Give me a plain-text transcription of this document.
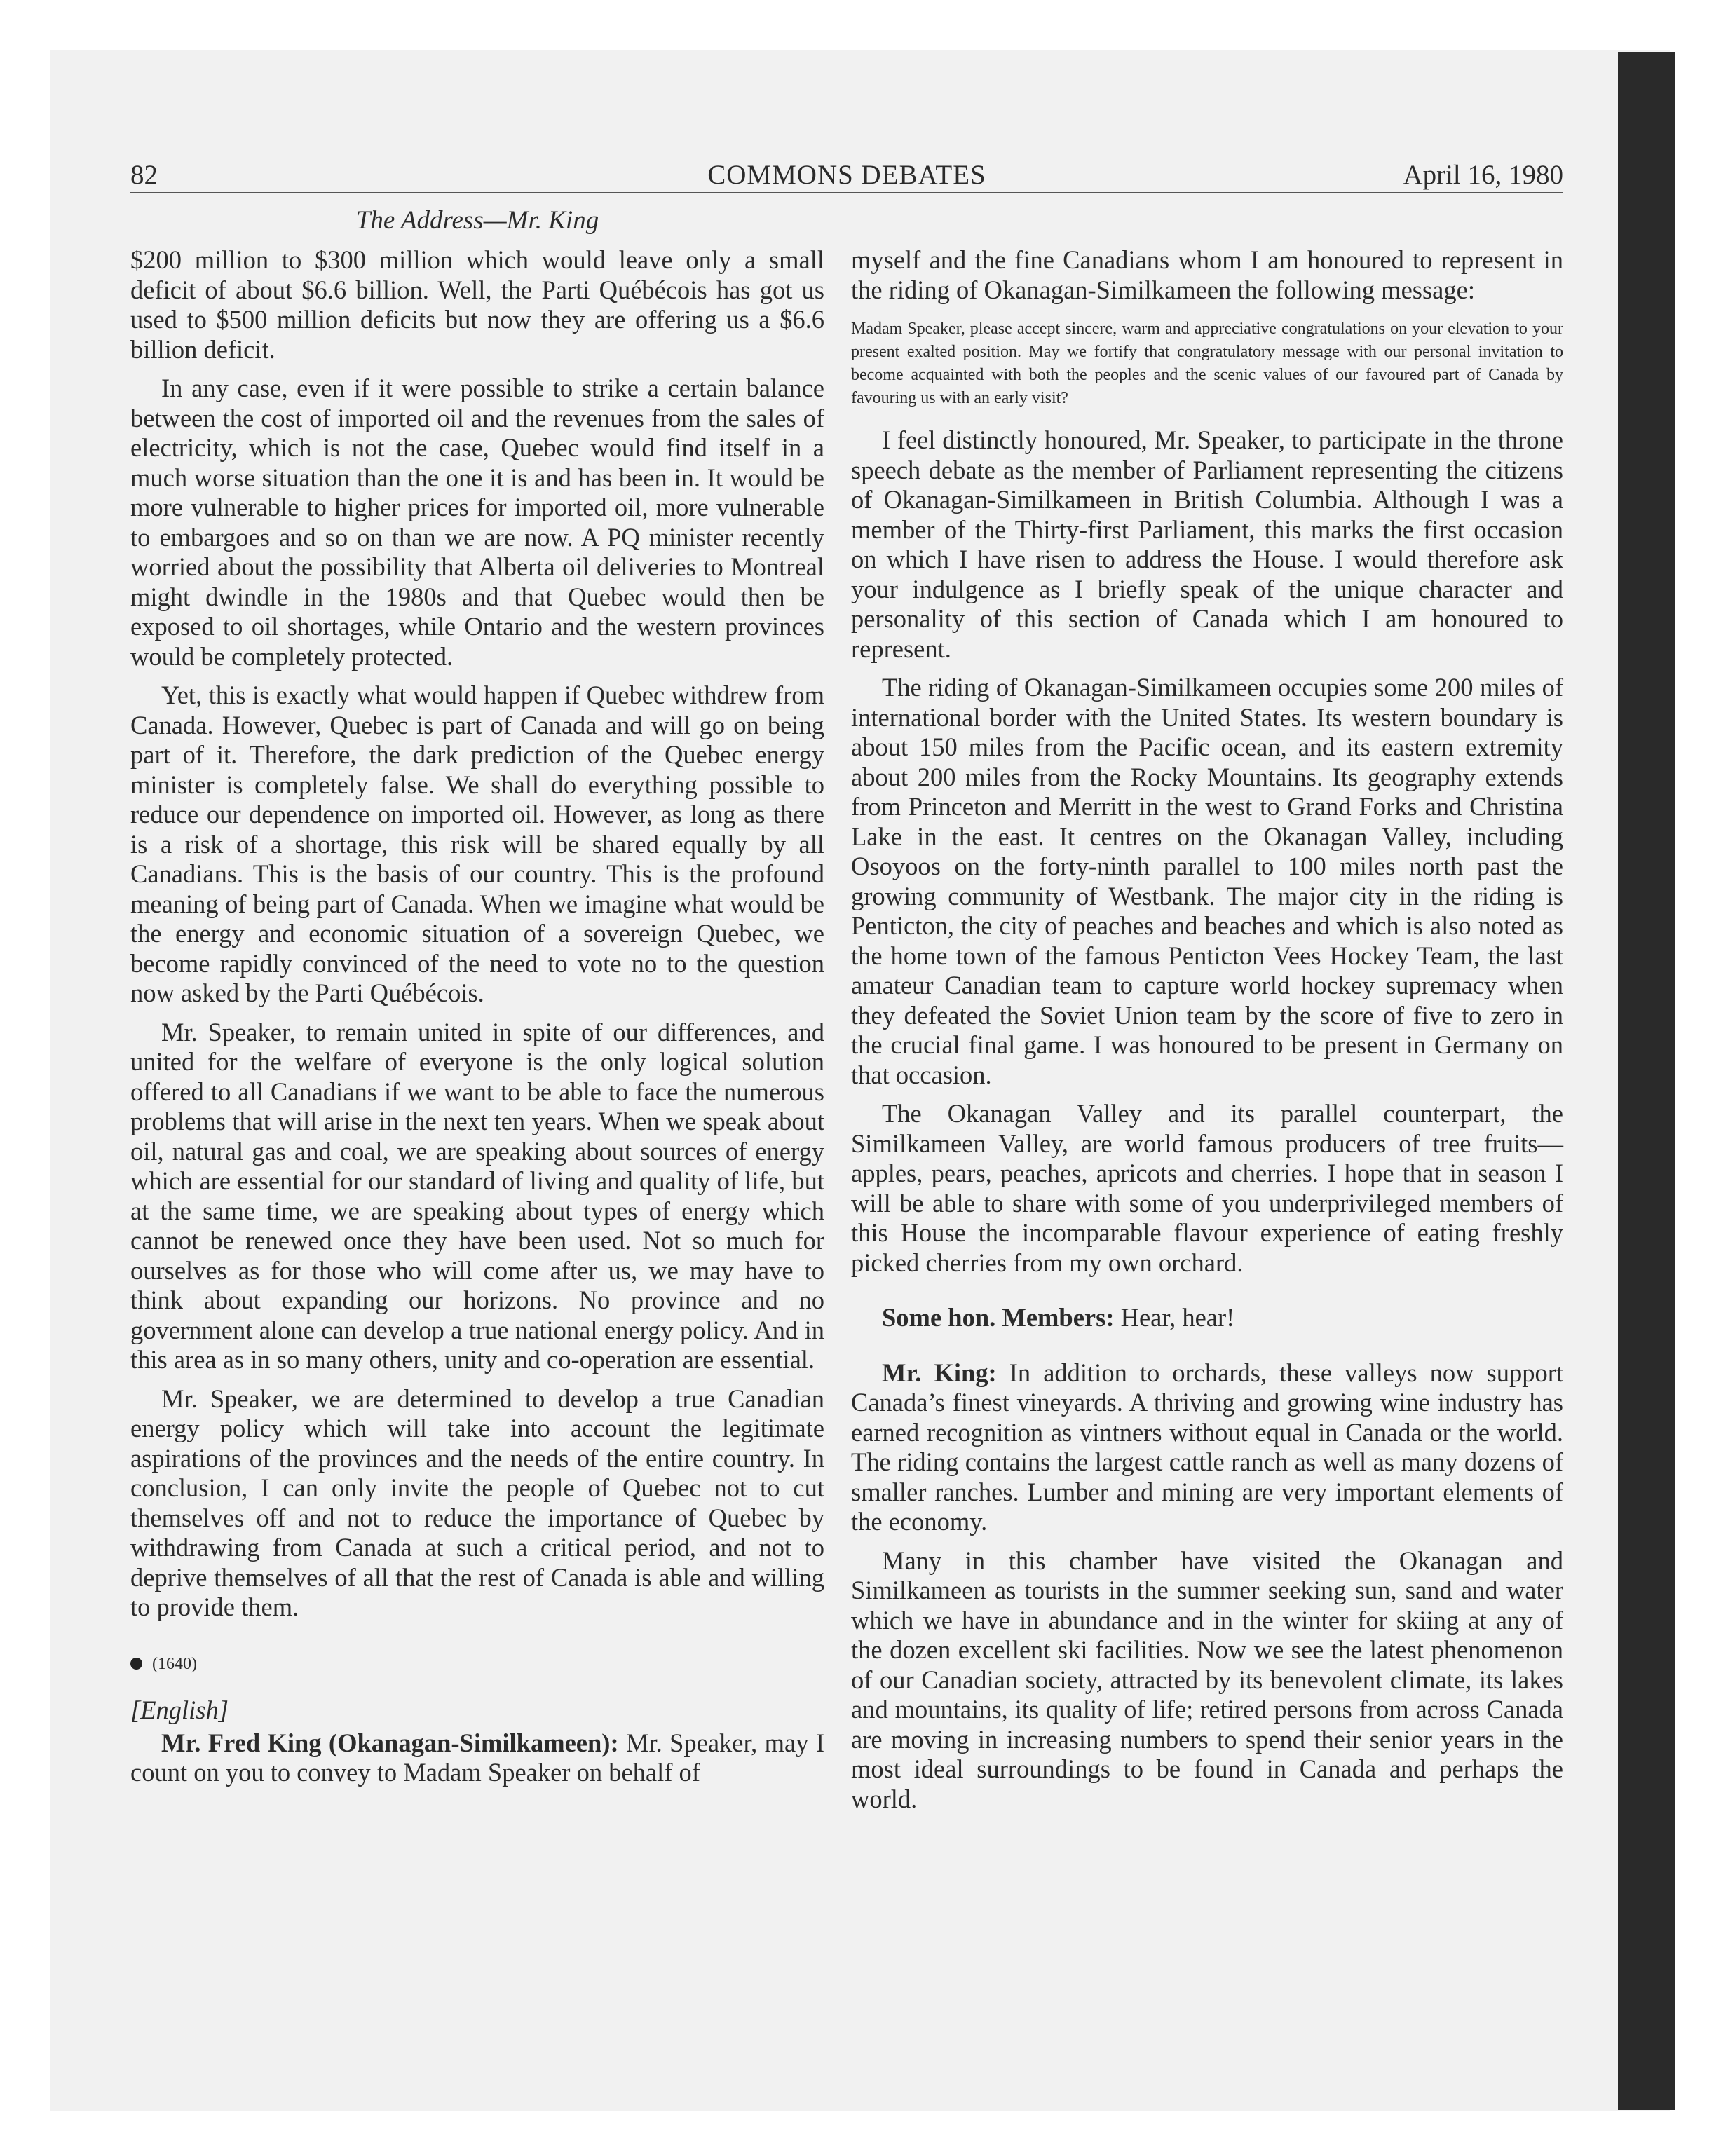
82	COMMONS DEBATES	April 16, 1980
The Address—Mr. King

$200 million to $300 million which would leave only a small deficit of about $6.6 billion. Well, the Parti Québécois has got us used to $500 million deficits but now they are offering us a $6.6 billion deficit.

In any case, even if it were possible to strike a certain balance between the cost of imported oil and the revenues from the sales of electricity, which is not the case, Quebec would find itself in a much worse situation than the one it is and has been in. It would be more vulnerable to higher prices for imported oil, more vulnerable to embargoes and so on than we are now. A PQ minister recently worried about the possibility that Alberta oil deliveries to Montreal might dwindle in the 1980s and that Quebec would then be exposed to oil shortages, while Ontario and the western provinces would be completely protected.

Yet, this is exactly what would happen if Quebec withdrew from Canada. However, Quebec is part of Canada and will go on being part of it. Therefore, the dark prediction of the Quebec energy minister is completely false. We shall do everything possible to reduce our dependence on imported oil. However, as long as there is a risk of a shortage, this risk will be shared equally by all Canadians. This is the basis of our country. This is the profound meaning of being part of Canada. When we imagine what would be the energy and economic situation of a sovereign Quebec, we become rapidly convinced of the need to vote no to the question now asked by the Parti Québécois.

Mr. Speaker, to remain united in spite of our differences, and united for the welfare of everyone is the only logical solution offered to all Canadians if we want to be able to face the numerous problems that will arise in the next ten years. When we speak about oil, natural gas and coal, we are speaking about sources of energy which are essential for our standard of living and quality of life, but at the same time, we are speaking about types of energy which cannot be renewed once they have been used. Not so much for ourselves as for those who will come after us, we may have to think about expanding our horizons. No province and no government alone can develop a true national energy policy. And in this area as in so many others, unity and co-operation are essential.

Mr. Speaker, we are determined to develop a true Canadian energy policy which will take into account the legitimate aspirations of the provinces and the needs of the entire country. In conclusion, I can only invite the people of Quebec not to cut themselves off and not to reduce the importance of Quebec by withdrawing from Canada at such a critical period, and not to deprive themselves of all that the rest of Canada is able and willing to provide them.

(1640)
[English]

Mr. Fred King (Okanagan-Similkameen): Mr. Speaker, may I count on you to convey to Madam Speaker on behalf of

myself and the fine Canadians whom I am honoured to represent in the riding of Okanagan-Similkameen the following message:

Madam Speaker, please accept sincere, warm and appreciative congratulations on your elevation to your present exalted position. May we fortify that congratulatory message with our personal invitation to become acquainted with both the peoples and the scenic values of our favoured part of Canada by favouring us with an early visit?

I feel distinctly honoured, Mr. Speaker, to participate in the throne speech debate as the member of Parliament representing the citizens of Okanagan-Similkameen in British Columbia. Although I was a member of the Thirty-first Parliament, this marks the first occasion on which I have risen to address the House. I would therefore ask your indulgence as I briefly speak of the unique character and personality of this section of Canada which I am honoured to represent.

The riding of Okanagan-Similkameen occupies some 200 miles of international border with the United States. Its western boundary is about 150 miles from the Pacific ocean, and its eastern extremity about 200 miles from the Rocky Mountains. Its geography extends from Princeton and Merritt in the west to Grand Forks and Christina Lake in the east. It centres on the Okanagan Valley, including Osoyoos on the forty-ninth parallel to 100 miles north past the growing community of Westbank. The major city in the riding is Penticton, the city of peaches and beaches and which is also noted as the home town of the famous Penticton Vees Hockey Team, the last amateur Canadian team to capture world hockey supremacy when they defeated the Soviet Union team by the score of five to zero in the crucial final game. I was honoured to be present in Germany on that occasion.

The Okanagan Valley and its parallel counterpart, the Similkameen Valley, are world famous producers of tree fruits—apples, pears, peaches, apricots and cherries. I hope that in season I will be able to share with some of you underprivileged members of this House the incomparable flavour experience of eating freshly picked cherries from my own orchard.

Some hon. Members: Hear, hear!

Mr. King: In addition to orchards, these valleys now support Canada’s finest vineyards. A thriving and growing wine industry has earned recognition as vintners without equal in Canada or the world. The riding contains the largest cattle ranch as well as many dozens of smaller ranches. Lumber and mining are very important elements of the economy.

Many in this chamber have visited the Okanagan and Similkameen as tourists in the summer seeking sun, sand and water which we have in abundance and in the winter for skiing at any of the dozen excellent ski facilities. Now we see the latest phenomenon of our Canadian society, attracted by its benevolent climate, its lakes and mountains, its quality of life; retired persons from across Canada are moving in increasing numbers to spend their senior years in the most ideal surroundings to be found in Canada and perhaps the world.
